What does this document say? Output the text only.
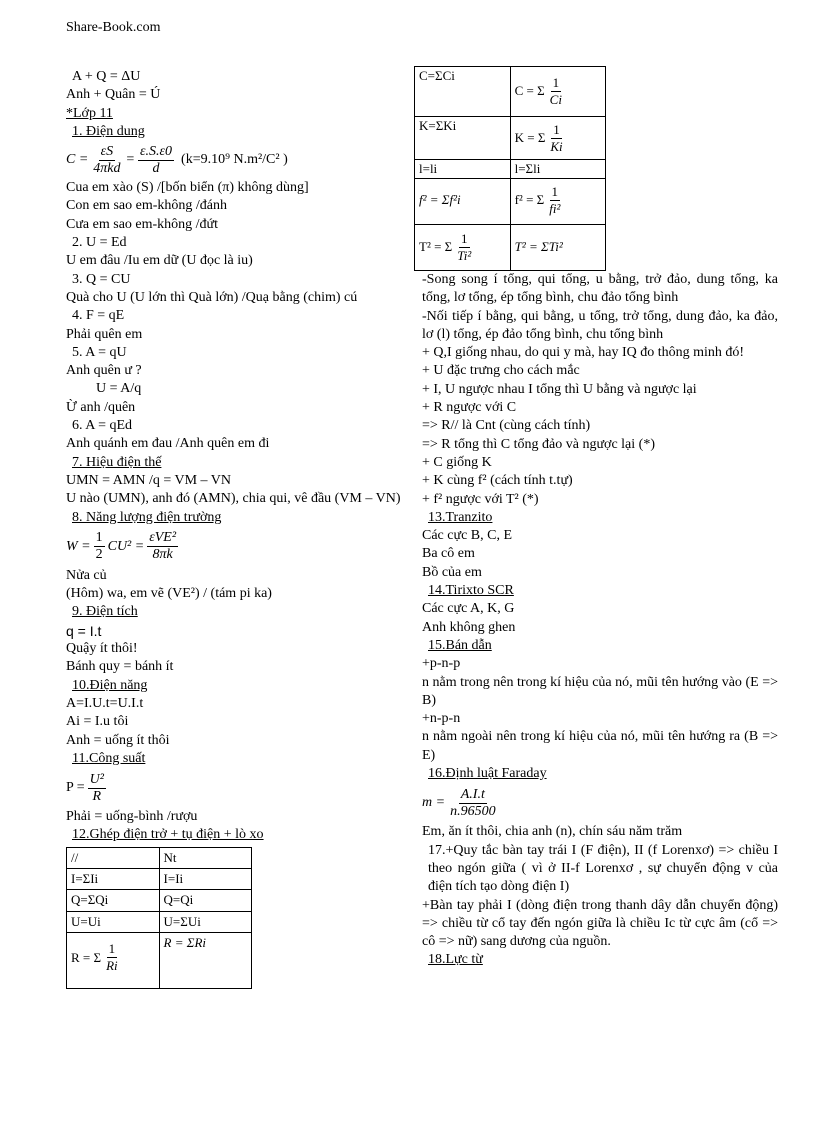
Share-Book.com
C=ΣCi	C = Σ $\frac{1}{Ci}$

K=ΣKi	K = Σ $\frac{1}{Ki}$

l=li	l=Σli

f² = Σf²i	f² = Σ $\frac{1}{\text{fi²}}$

T² = Σ $\frac{1}{\text{Ti²}}$	T² = ΣTi²
A + Q = ΔU
Anh + Quân = Ú
*Lớp 11
1. Điện dung
$C = \frac{\varepsilon S}{\text{4πkd}} = \frac{\varepsilon.S.\varepsilon 0}{d} (k=9.10^9$ N.m²/C² )
Cua em xào (S) /[bốn biển (π) không dùng]
Con em sao em-không /đánh
Cưa em sao em-không /đứt
2. U = Ed
U em đâu /Iu em dữ (U đọc là iu)
3. Q = CU
Quà cho U (U lớn thì Quà lớn) /Quạ bằng (chim) cú
4. F = qE
Phải quên em
5. A = qU
Anh quên ư ?
U = A/q
Ừ anh /quên
6. A = qEd
Anh quánh em đau /Anh quên em đi
7. Hiệu điện thế
UMN = AMN /q = VM – VN
U nào (UMN), anh đó (AMN), chia qui, vê đầu (VM – VN)
8. Năng lượng điện trường
$W = \frac{1}{2} CU^2 = \frac{\text{εVE²}}{8\pi k}$
Nửa củ
(Hôm) wa, em vẽ (VE²) / (tám pi ka)
9. Điện tích
q = I.t
Quậy ít thôi!
Bánh quy = bánh ít
10.Điện năng
A=I.U.t=U.I.t
Ai = I.u tôi
Anh = uống ít thôi
11.Công suất
$P = \frac{\text{U²}}{R}$
Phải = uống-bình /rượu
12.Ghép điện trở + tụ điện + lò xo
//	Nt
I=ΣIi	I=Ii
Q=ΣQi	Q=Qi
U=Ui	U=ΣUi

R = Σ $\frac{1}{Ri}$	R = ΣRi
-Song song í tổng, qui tổng, u bằng, trở đảo, dung tổng, ka tổng, lơ tổng, ép tổng bình, chu đảo tổng bình
-Nối tiếp í bằng, qui bằng, u tổng, trở tổng, dung đảo, ka đảo, lơ (l) tổng, ép đảo tổng bình, chu tổng bình
+ Q,I giống nhau, do qui y mà, hay IQ đo thông minh đó!
+ U đặc trưng cho cách mắc
+ I, U ngược nhau I tổng thì U bằng và ngược lại
+ R ngược với C
=> R// là Cnt (cùng cách tính)
=> R tổng thì C tổng đảo và ngược lại (*)
+ C giống K
+ K cùng f² (cách tính t.tự)
+ f² ngược với T² (*)
13.Tranzito
Các cực B, C, E
Ba cô em
Bồ của em
14.Tirixto SCR
Các cực A, K, G
Anh không ghen
15.Bán dẫn
+p-n-p
n nằm trong nên trong kí hiệu của nó, mũi tên hướng vào (E => B)
+n-p-n
n nằm ngoài nên trong kí hiệu của nó, mũi tên hướng ra (B => E)
16.Định luật Faraday
$m = \frac{A.I.t}{n.96500}$
Em, ăn ít thôi, chia anh (n), chín sáu năm trăm
17.+Quy tắc bàn tay trái I (F điện), II (f Lorenxơ) => chiều I theo ngón giữa ( vì ở II-f Lorenxơ , sự chuyển động v của điện tích tạo dòng điện I)
+Bàn tay phải I (dòng điện trong thanh dây dẫn chuyển động) => chiều từ cổ tay đến ngón giữa là chiều Ic từ cực âm (cổ => cô => nữ) sang dương của nguồn.
18.Lực từ
